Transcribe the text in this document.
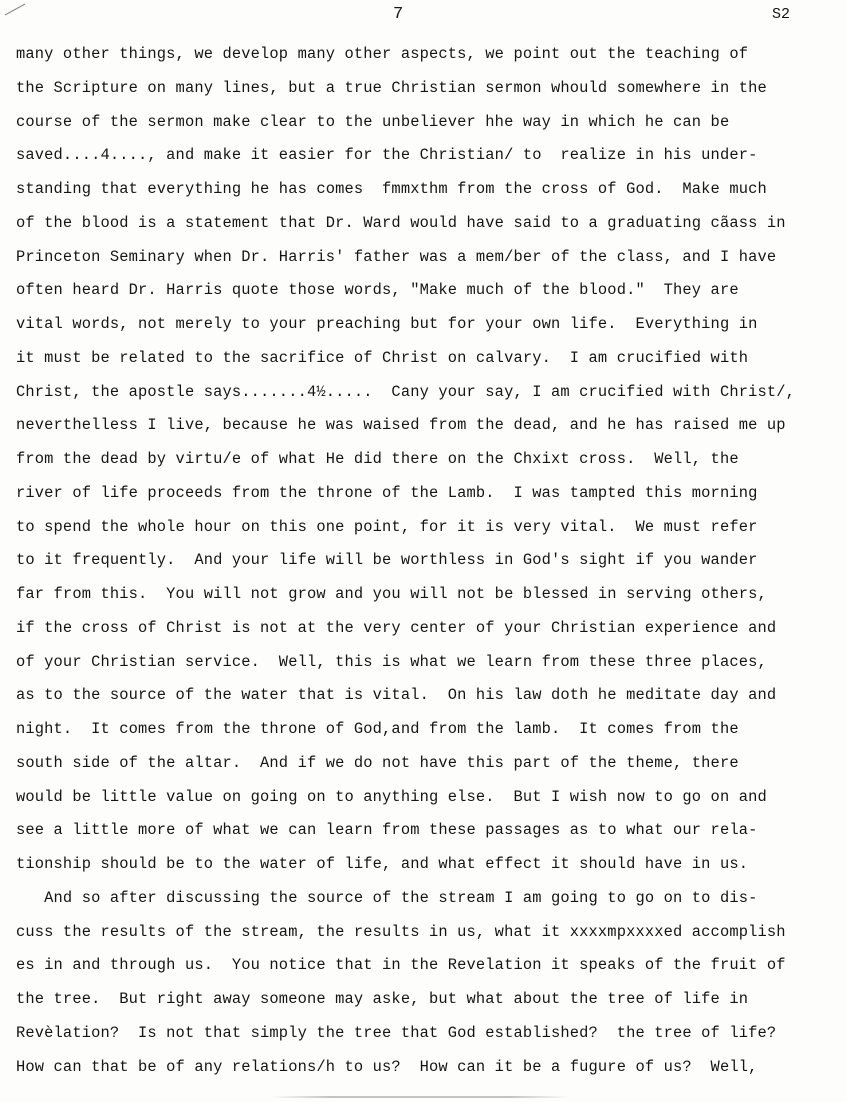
7	S2
many other things, we develop many other aspects, we point out the teaching of
the Scripture on many lines, but a true Christian sermon whould somewhere in the
course of the sermon make clear to the unbeliever hhe way in which he can be
saved....4...., and make it easier for the Christian/ to  realize in his under-
standing that everything he has comes  fmmxthm from the cross of God.  Make much
of the blood is a statement that Dr. Ward would have said to a graduating cãass in
Princeton Seminary when Dr. Harris' father was a mem/ber of the class, and I have
often heard Dr. Harris quote those words, "Make much of the blood."  They are
vital words, not merely to your preaching but for your own life.  Everything in
it must be related to the sacrifice of Christ on calvary.  I am crucified with
Christ, the apostle says.......4½.....  Cany your say, I am crucified with Christ/,
neverthelless I live, because he was waised from the dead, and he has raised me up
from the dead by virtu/e of what He did there on the Chxixt cross.  Well, the
river of life proceeds from the throne of the Lamb.  I was tampted this morning
to spend the whole hour on this one point, for it is very vital.  We must refer
to it frequently.  And your life will be worthless in God's sight if you wander
far from this.  You will not grow and you will not be blessed in serving others,
if the cross of Christ is not at the very center of your Christian experience and
of your Christian service.  Well, this is what we learn from these three places,
as to the source of the water that is vital.  On his law doth he meditate day and
night.  It comes from the throne of God,and from the lamb.  It comes from the
south side of the altar.  And if we do not have this part of the theme, there
would be little value on going on to anything else.  But I wish now to go on and
see a little more of what we can learn from these passages as to what our rela-
tionship should be to the water of life, and what effect it should have in us.
And so after discussing the source of the stream I am going to go on to dis-
cuss the results of the stream, the results in us, what it xxxxmpxxxxed accomplish
es in and through us.  You notice that in the Revelation it speaks of the fruit of
the tree.  But right away someone may aske, but what about the tree of life in
Revèlation?  Is not that simply the tree that God established?  the tree of life?
How can that be of any relations/h to us?  How can it be a fugure of us?  Well,
